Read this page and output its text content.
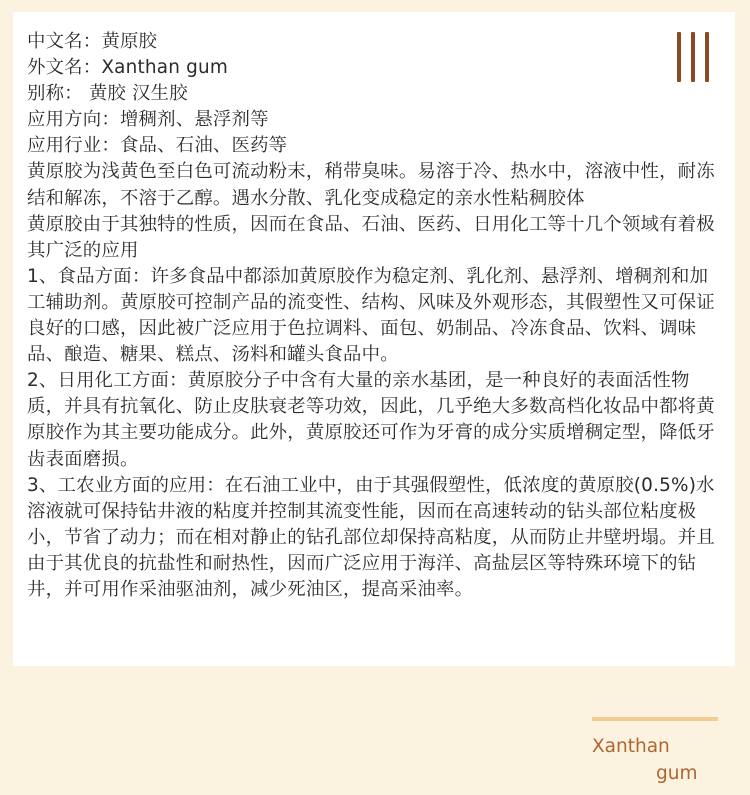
中文名：黄原胶

外文名：Xanthan gum

别称： 黄胶 汉生胶

应用方向：增稠剂、悬浮剂等

应用行业：食品、石油、医药等

黄原胶为浅黄色至白色可流动粉末，稍带臭味。易溶于冷、热水中，溶液中性，耐冻结和解冻，不溶于乙醇。遇水分散、乳化变成稳定的亲水性粘稠胶体

黄原胶由于其独特的性质，因而在食品、石油、医药、日用化工等十几个领域有着极其广泛的应用

1、食品方面：许多食品中都添加黄原胶作为稳定剂、乳化剂、悬浮剂、增稠剂和加工辅助剂。黄原胶可控制产品的流变性、结构、风味及外观形态，其假塑性又可保证良好的口感，因此被广泛应用于色拉调料、面包、奶制品、冷冻食品、饮料、调味品、酿造、糖果、糕点、汤料和罐头食品中。

2、日用化工方面：黄原胶分子中含有大量的亲水基团，是一种良好的表面活性物质，并具有抗氧化、防止皮肤衰老等功效，因此，几乎绝大多数高档化妆品中都将黄原胶作为其主要功能成分。此外，黄原胶还可作为牙膏的成分实质增稠定型，降低牙齿表面磨损。

3、工农业方面的应用：在石油工业中，由于其强假塑性，低浓度的黄原胶(0.5%)水溶液就可保持钻井液的粘度并控制其流变性能，因而在高速转动的钻头部位粘度极小，节省了动力；而在相对静止的钻孔部位却保持高粘度，从而防止井壁坍塌。并且由于其优良的抗盐性和耐热性，因而广泛应用于海洋、高盐层区等特殊环境下的钻井，并可用作采油驱油剂，减少死油区，提高采油率。

Xanthan
gum
